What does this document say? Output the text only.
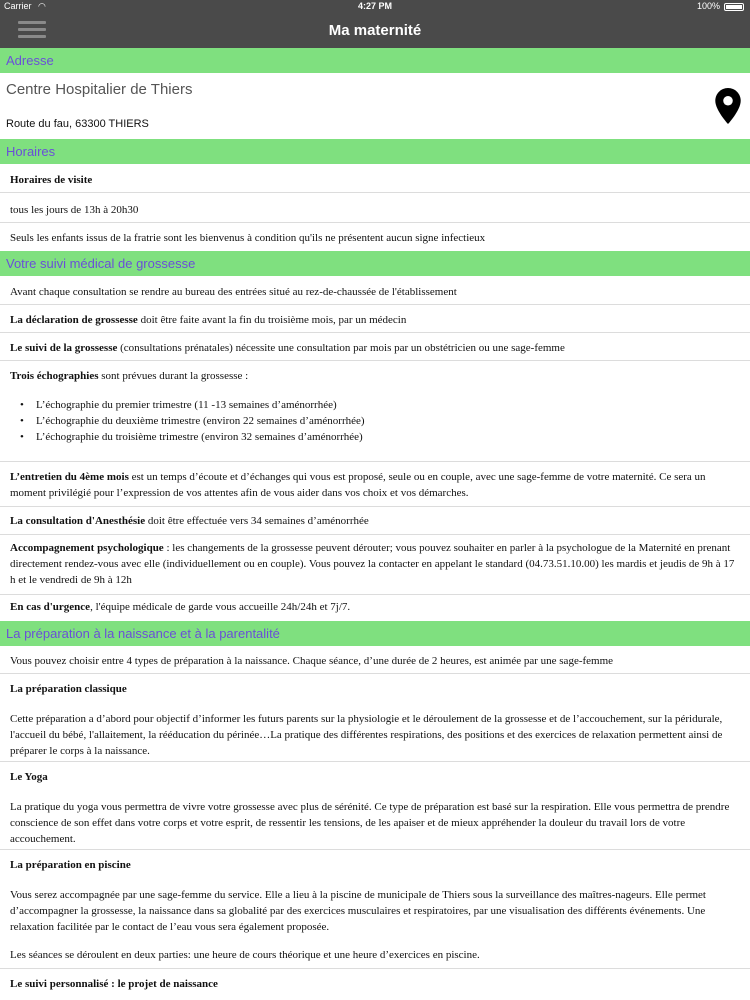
Carrier ◠	4:27 PM	100%
Ma maternité
Adresse
Centre Hospitalier de Thiers
Route du fau, 63300 THIERS
Horaires
Horaires de visite
tous les jours de 13h à 20h30
Seuls les enfants issus de la fratrie sont les bienvenus à condition qu'ils ne présentent aucun signe infectieux
Votre suivi médical de grossesse
Avant chaque consultation se rendre au bureau des entrées situé au rez-de-chaussée de l'établissement
La déclaration de grossesse doit être faite avant la fin du troisième mois, par un médecin
Le suivi de la grossesse (consultations prénatales) nécessite une consultation par mois par un obstétricien ou une sage-femme
Trois échographies sont prévues durant la grossesse :
• L’échographie du premier trimestre (11 -13 semaines d’aménorrhée)
• L’échographie du deuxième trimestre (environ 22 semaines d’aménorrhée)
• L’échographie du troisième trimestre (environ 32 semaines d’aménorrhée)
L’entretien du 4ème mois est un temps d’écoute et d’échanges qui vous est proposé, seule ou en couple, avec une sage-femme de votre maternité. Ce sera un moment privilégié pour l’expression de vos attentes afin de vous aider dans vos choix et vos démarches.
La consultation d'Anesthésie doit être effectuée vers 34 semaines d’aménorrhée
Accompagnement psychologique : les changements de la grossesse peuvent dérouter; vous pouvez souhaiter en parler à la psychologue de la Maternité en prenant directement rendez-vous avec elle (individuellement ou en couple). Vous pouvez la contacter en appelant le standard (04.73.51.10.00) les mardis et jeudis de 9h à 17 h et le vendredi de 9h à 12h
En cas d'urgence, l'équipe médicale de garde vous accueille 24h/24h et 7j/7.
La préparation à la naissance et à la parentalité
Vous pouvez choisir entre 4 types de préparation à la naissance. Chaque séance, d’une durée de 2 heures, est animée par une sage-femme
La préparation classique
Cette préparation a d’abord pour objectif d’informer les futurs parents sur la physiologie et le déroulement de la grossesse et de l’accouchement, sur la péridurale, l'accueil du bébé, l'allaitement, la rééducation du périnée…La pratique des différentes respirations, des positions et des exercices de relaxation permettent ainsi de préparer le corps à la naissance.
Le Yoga
La pratique du yoga vous permettra de vivre votre grossesse avec plus de sérénité. Ce type de préparation est basé sur la respiration. Elle vous permettra de prendre conscience de son effet dans votre corps et votre esprit, de ressentir les tensions, de les apaiser et de mieux appréhender la douleur du travail lors de votre accouchement.
La préparation en piscine
Vous serez accompagnée par une sage-femme du service. Elle a lieu à la piscine de municipale de Thiers sous la surveillance des maîtres-nageurs. Elle permet d’accompagner la grossesse, la naissance dans sa globalité par des exercices musculaires et respiratoires, par une visualisation des différents événements. Une relaxation facilitée par le contact de l’eau vous sera également proposée.
Les séances se déroulent en deux parties: une heure de cours théorique et une heure d’exercices en piscine.
Le suivi personnalisé : le projet de naissance
